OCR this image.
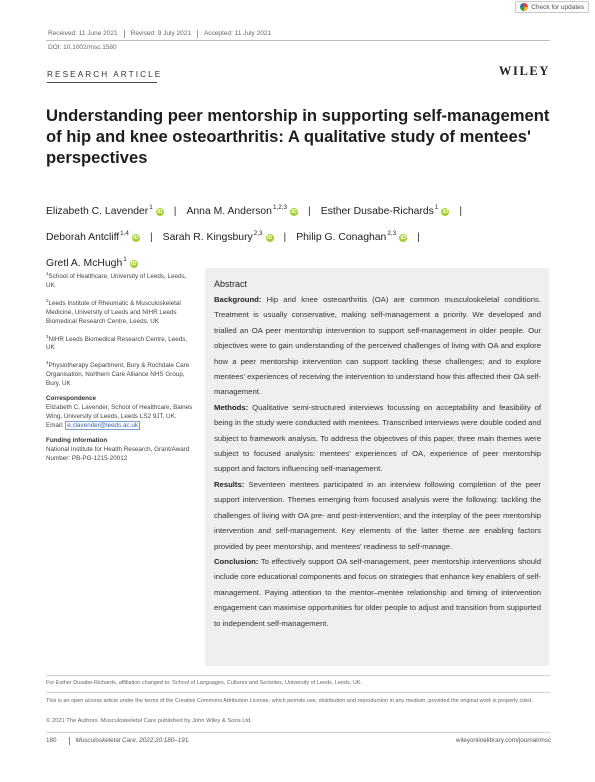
Check for updates
Received: 11 June 2021 Revised: 9 July 2021 Accepted: 11 July 2021
DOI: 10.1002/msc.1580
RESEARCH ARTICLE	WILEY
Understanding peer mentorship in supporting self-management of hip and knee osteoarthritis: A qualitative study of mentees' perspectives
Elizabeth C. Lavender$^1$iD | Anna M. Anderson$^{1,2,3}$iD | Esther Dusabe-Richards$^1$iD |
Deborah Antcliff$^{1,4}$iD | Sarah R. Kingsbury$^{2,3}$iD | Philip G. Conaghan$^{2,3}$iD |
Gretl A. McHugh$^1$iD

$^1$School of Healthcare, University of Leeds, Leeds, UK

$^2$Leeds Institute of Rheumatic & Musculoskeletal Medicine, University of Leeds and NIHR Leeds Biomedical Research Centre, Leeds, UK

$^3$NIHR Leeds Biomedical Research Centre, Leeds, UK

$^4$Physiotherapy Department, Bury & Rochdale Care Organisation, Northern Care Alliance NHS Group, Bury, UK

Correspondence

Elizabeth C. Lavender, School of Healthcare, Baines Wing, University of Leeds, Leeds LS2 9JT, UK.
Email: e.clavender@leeds.ac.uk

Funding information

National Institute for Health Research, Grant/Award Number: PB-PG-1215-20012

Abstract

Background: Hip and knee osteoarthritis (OA) are common musculoskeletal conditions. Treatment is usually conservative, making self-management a priority. We developed and trialled an OA peer mentorship intervention to support self-management in older people. Our objectives were to gain understanding of the perceived challenges of living with OA and explore how a peer mentorship intervention can support tackling these challenges; and to explore mentees' experiences of receiving the intervention to understand how this affected their OA self-management.

Methods: Qualitative semi-structured interviews focussing on acceptability and feasibility of being in the study were conducted with mentees. Transcribed interviews were double coded and subject to framework analysis. To address the objectives of this paper, three main themes were subject to focused analysis: mentees' experiences of OA, experience of peer mentorship support and factors influencing self-management.

Results: Seventeen mentees participated in an interview following completion of the peer support intervention. Themes emerging from focused analysis were the following: tackling the challenges of living with OA pre- and post-intervention; and the interplay of the peer mentorship intervention and self-management. Key elements of the latter theme are enabling factors provided by peer mentorship, and mentees' readiness to self-manage.

Conclusion: To effectively support OA self-management, peer mentorship interventions should include core educational components and focus on strategies that enhance key enablers of self-management. Paying attention to the mentor–mentee relationship and timing of intervention engagement can maximise opportunities for older people to adjust and transition from supported to independent self-management.

For Esther Dusabe-Richards, affiliation changed to: School of Languages, Cultures and Societies, University of Leeds, Leeds, UK.
This is an open access article under the terms of the Creative Commons Attribution License, which permits use, distribution and reproduction in any medium, provided the original work is properly cited.
© 2021 The Authors. Musculoskeletal Care published by John Wiley & Sons Ltd.
180	Musculoskeletal Care. 2022;20:180–191.	wileyonlinelibrary.com/journal/msc
